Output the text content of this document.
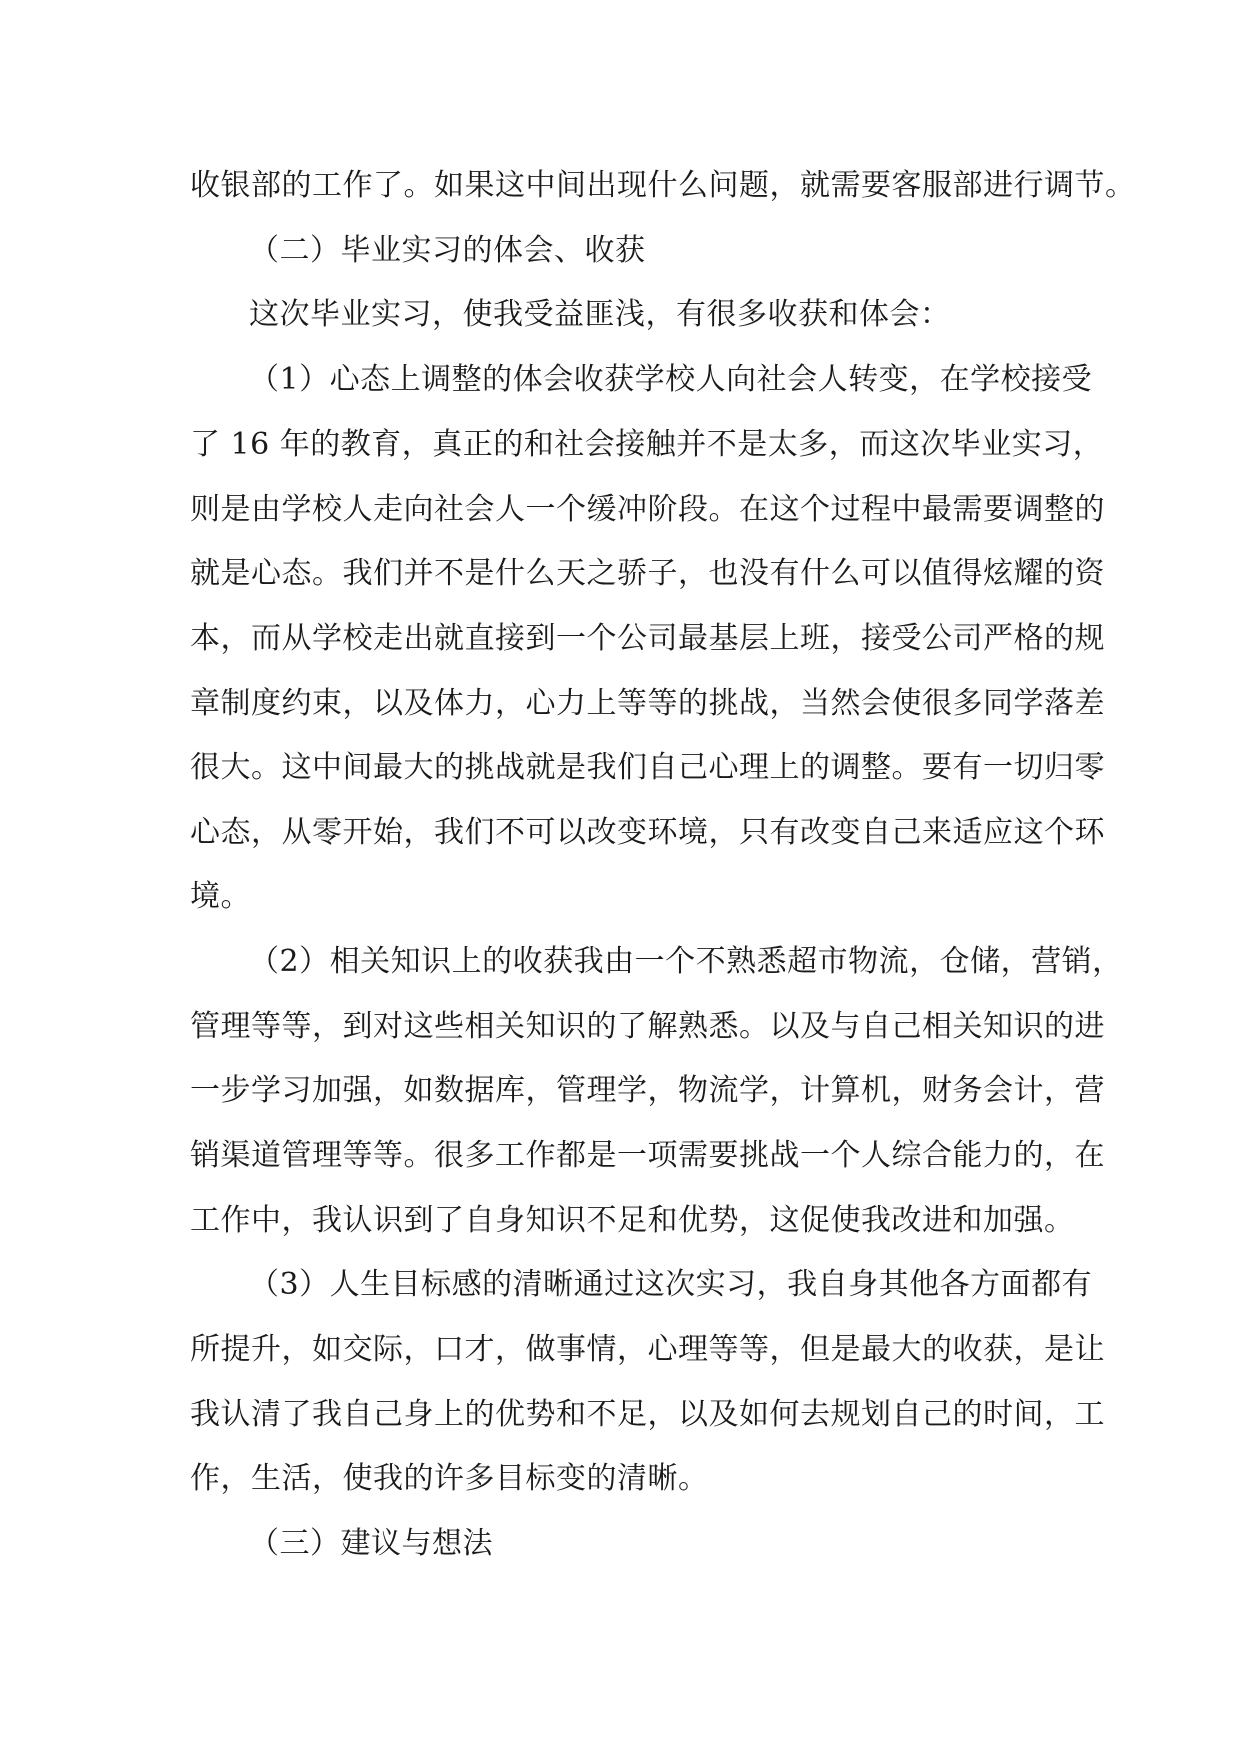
收银部的工作了。如果这中间出现什么问题，就需要客服部进行调节。
（二）毕业实习的体会、收获
这次毕业实习，使我受益匪浅，有很多收获和体会：
（1）心态上调整的体会收获学校人向社会人转变，在学校接受
了 16 年的教育，真正的和社会接触并不是太多，而这次毕业实习，
则是由学校人走向社会人一个缓冲阶段。在这个过程中最需要调整的
就是心态。我们并不是什么天之骄子，也没有什么可以值得炫耀的资
本，而从学校走出就直接到一个公司最基层上班，接受公司严格的规
章制度约束，以及体力，心力上等等的挑战，当然会使很多同学落差
很大。这中间最大的挑战就是我们自己心理上的调整。要有一切归零
心态，从零开始，我们不可以改变环境，只有改变自己来适应这个环
境。
（2）相关知识上的收获我由一个不熟悉超市物流，仓储，营销，
管理等等，到对这些相关知识的了解熟悉。以及与自己相关知识的进
一步学习加强，如数据库，管理学，物流学，计算机，财务会计，营
销渠道管理等等。很多工作都是一项需要挑战一个人综合能力的，在
工作中，我认识到了自身知识不足和优势，这促使我改进和加强。
（3）人生目标感的清晰通过这次实习，我自身其他各方面都有
所提升，如交际，口才，做事情，心理等等，但是最大的收获，是让
我认清了我自己身上的优势和不足，以及如何去规划自己的时间，工
作，生活，使我的许多目标变的清晰。
（三）建议与想法
